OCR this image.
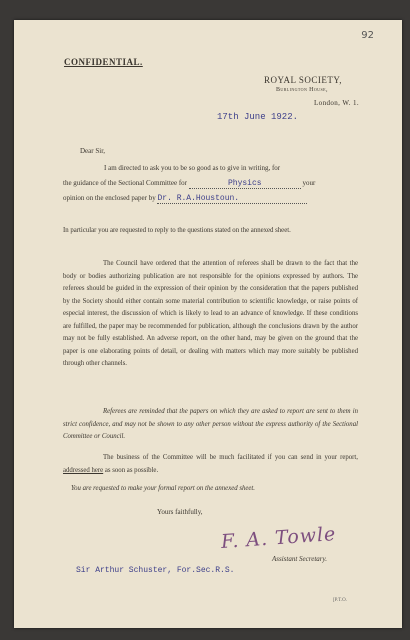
92
CONFIDENTIAL.
ROYAL SOCIETY,
Burlington House,
London, W. 1.
17th June 1922.
Dear Sir,
I am directed to ask you to be so good as to give in writing, for
the guidance of the Sectional Committee for	Physics	your
opinion on the enclosed paper by Dr. R.A.Houstoun.
In particular you are requested to reply to the questions stated on the annexed sheet.
The Council have ordered that the attention of referees shall be drawn to the fact that the body or bodies authorizing publication are not responsible for the opinions expressed by authors. The referees should be guided in the expression of their opinion by the consideration that the papers published by the Society should either contain some material contribution to scientific knowledge, or raise points of especial interest, the discussion of which is likely to lead to an advance of knowledge. If these conditions are fulfilled, the paper may be recommended for publication, although the conclusions drawn by the author may not be fully established. An adverse report, on the other hand, may be given on the ground that the paper is one elaborating points of detail, or dealing with matters which may more suitably be published through other channels.
Referees are reminded that the papers on which they are asked to report are sent to them in strict confidence, and may not be shown to any other person without the express authority of the Sectional Committee or Council.
The business of the Committee will be much facilitated if you can send in your report, addressed here as soon as possible.
You are requested to make your formal report on the annexed sheet.
Yours faithfully,
F. A. Towle
Assistant Secretary.
Sir Arthur Schuster, For.Sec.R.S.
[P.T.O.
